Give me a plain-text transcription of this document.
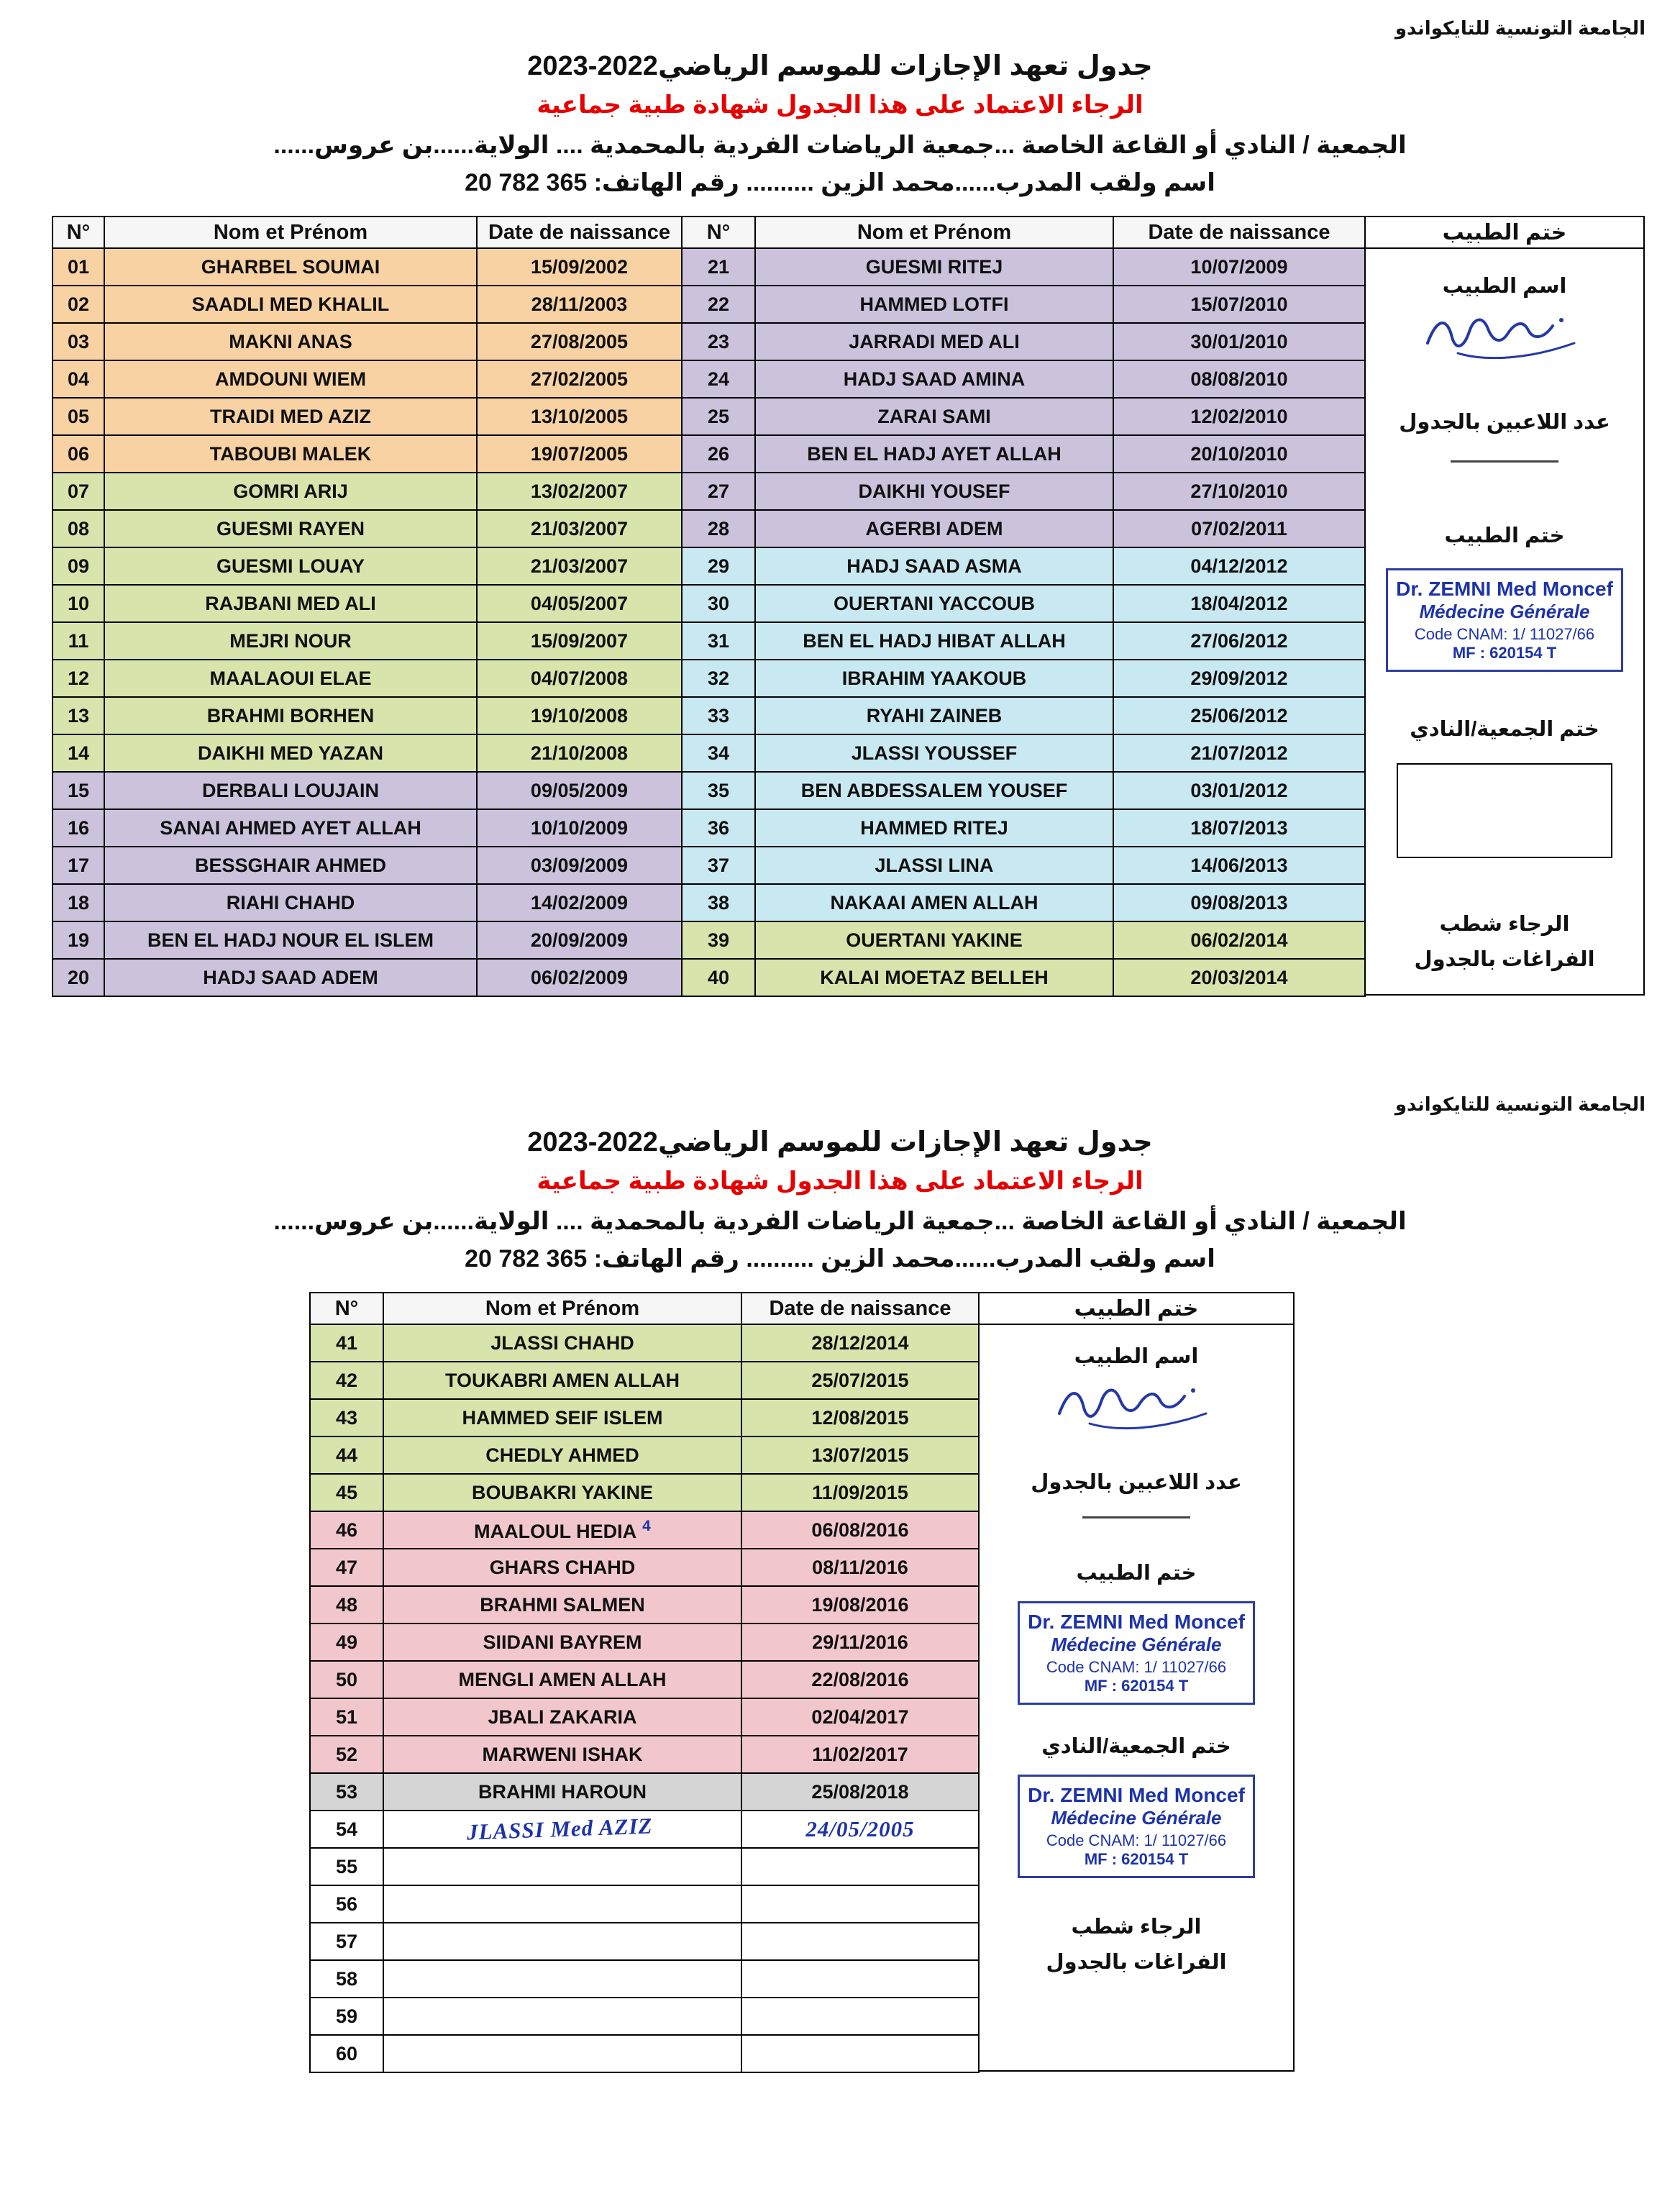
الجامعة التونسية للتايكواندو
جدول تعهد الإجازات للموسم الرياضي2022-2023
الرجاء الاعتماد على هذا الجدول شهادة طبية جماعية
الجمعية / النادي أو القاعة الخاصة ...جمعية الرياضات الفردية بالمحمدية .... الولاية......بن عروس......
اسم ولقب المدرب......محمد الزين .......... رقم الهاتف: 20 782 365
N°	Nom et Prénom	Date de naissance
01	GHARBEL SOUMAI	15/09/2002
02	SAADLI MED KHALIL	28/11/2003
03	MAKNI ANAS	27/08/2005
04	AMDOUNI WIEM	27/02/2005
05	TRAIDI MED AZIZ	13/10/2005
06	TABOUBI MALEK	19/07/2005
07	GOMRI ARIJ	13/02/2007
08	GUESMI RAYEN	21/03/2007
09	GUESMI LOUAY	21/03/2007
10	RAJBANI MED ALI	04/05/2007
11	MEJRI NOUR	15/09/2007
12	MAALAOUI ELAE	04/07/2008
13	BRAHMI BORHEN	19/10/2008
14	DAIKHI MED YAZAN	21/10/2008
15	DERBALI LOUJAIN	09/05/2009
16	SANAI AHMED AYET ALLAH	10/10/2009
17	BESSGHAIR AHMED	03/09/2009
18	RIAHI CHAHD	14/02/2009
19	BEN EL HADJ NOUR EL ISLEM	20/09/2009
20	HADJ SAAD ADEM	06/02/2009
N°	Nom et Prénom	Date de naissance
21	GUESMI RITEJ	10/07/2009
22	HAMMED LOTFI	15/07/2010
23	JARRADI MED ALI	30/01/2010
24	HADJ SAAD AMINA	08/08/2010
25	ZARAI SAMI	12/02/2010
26	BEN EL HADJ AYET ALLAH	20/10/2010
27	DAIKHI YOUSEF	27/10/2010
28	AGERBI ADEM	07/02/2011
29	HADJ SAAD ASMA	04/12/2012
30	OUERTANI YACCOUB	18/04/2012
31	BEN EL HADJ HIBAT ALLAH	27/06/2012
32	IBRAHIM YAAKOUB	29/09/2012
33	RYAHI ZAINEB	25/06/2012
34	JLASSI YOUSSEF	21/07/2012
35	BEN ABDESSALEM YOUSEF	03/01/2012
36	HAMMED RITEJ	18/07/2013
37	JLASSI LINA	14/06/2013
38	NAKAAI AMEN ALLAH	09/08/2013
39	OUERTANI YAKINE	06/02/2014
40	KALAI MOETAZ BELLEH	20/03/2014
ختم الطبيب
اسم الطبيب
عدد اللاعبين بالجدول
ختم الطبيب
Dr. ZEMNI Med Moncef
Médecine Générale
Code CNAM: 1/ 11027/66
MF : 620154 T
ختم الجمعية/النادي
الرجاء شطب الفراغات بالجدول
الجامعة التونسية للتايكواندو
جدول تعهد الإجازات للموسم الرياضي2022-2023
الرجاء الاعتماد على هذا الجدول شهادة طبية جماعية
الجمعية / النادي أو القاعة الخاصة ...جمعية الرياضات الفردية بالمحمدية .... الولاية......بن عروس......
اسم ولقب المدرب......محمد الزين .......... رقم الهاتف: 20 782 365
N°	Nom et Prénom	Date de naissance
41	JLASSI CHAHD	28/12/2014
42	TOUKABRI AMEN ALLAH	25/07/2015
43	HAMMED SEIF ISLEM	12/08/2015
44	CHEDLY AHMED	13/07/2015
45	BOUBAKRI YAKINE	11/09/2015
46	MAALOUL HEDIA $^4$	06/08/2016
47	GHARS CHAHD	08/11/2016
48	BRAHMI SALMEN	19/08/2016
49	SIIDANI BAYREM	29/11/2016
50	MENGLI AMEN ALLAH	22/08/2016
51	JBALI ZAKARIA	02/04/2017
52	MARWENI ISHAK	11/02/2017
53	BRAHMI HAROUN	25/08/2018
54	JLASSI Med AZIZ	24/05/2005
55		
56		
57		
58		
59		
60		
ختم الطبيب
اسم الطبيب
عدد اللاعبين بالجدول
ختم الطبيب
Dr. ZEMNI Med Moncef
Médecine Générale
Code CNAM: 1/ 11027/66
MF : 620154 T
ختم الجمعية/النادي
Dr. ZEMNI Med Moncef
Médecine Générale
Code CNAM: 1/ 11027/66
MF : 620154 T
الرجاء شطب الفراغات بالجدول
